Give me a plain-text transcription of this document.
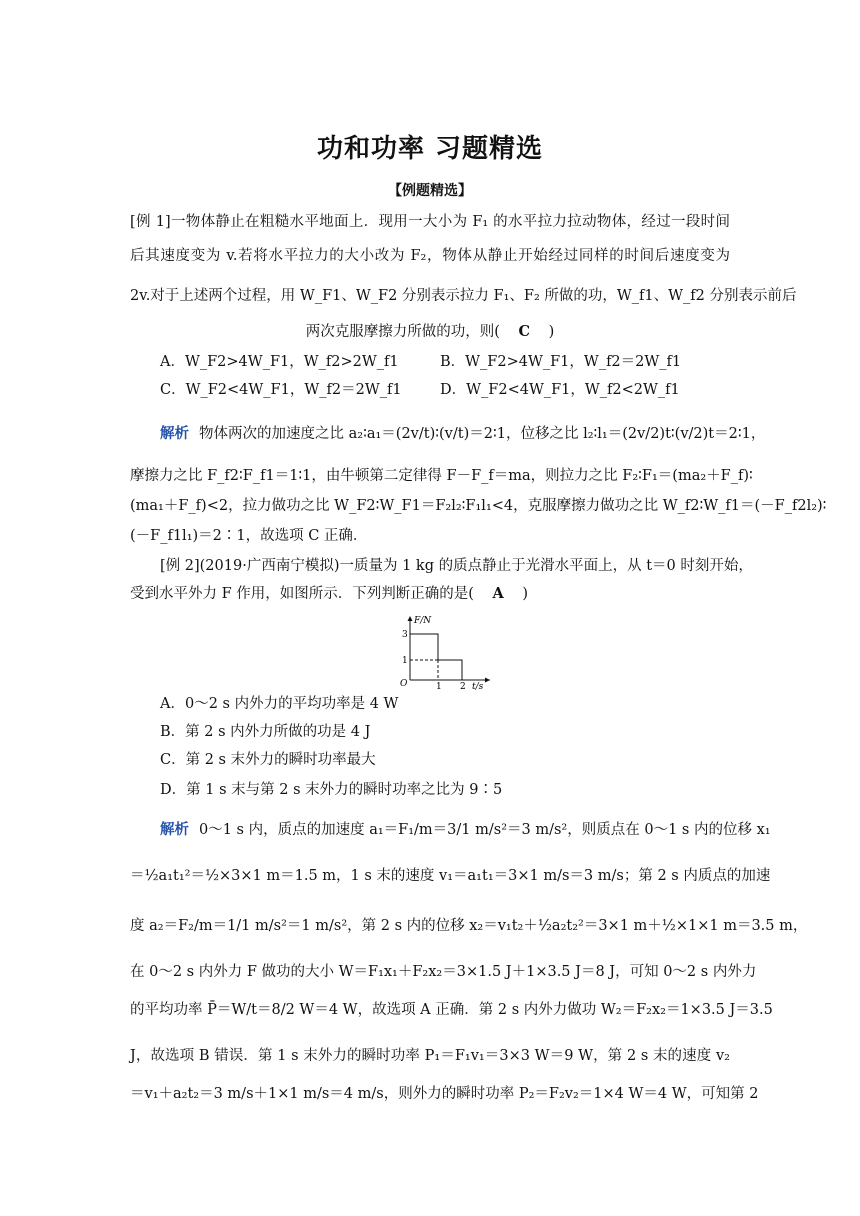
功和功率 习题精选
【例题精选】
[例 1]一物体静止在粗糙水平地面上．现用一大小为 F₁ 的水平拉力拉动物体，经过一段时间
后其速度变为 v.若将水平拉力的大小改为 F₂，物体从静止开始经过同样的时间后速度变为
2v.对于上述两个过程，用 W_F1、W_F2 分别表示拉力 F₁、F₂ 所做的功，W_f1、W_f2 分别表示前后
两次克服摩擦力所做的功，则( C )
A．W_F2>4W_F1，W_f2>2W_f1	B．W_F2>4W_F1，W_f2＝2W_f1
C．W_F2<4W_F1，W_f2＝2W_f1	D．W_F2<4W_F1，W_f2<2W_f1
解析 物体两次的加速度之比 a₂∶a₁＝(2v/t)∶(v/t)＝2∶1，位移之比 l₂∶l₁＝(2v/2)t∶(v/2)t＝2∶1，
摩擦力之比 F_f2∶F_f1＝1∶1，由牛顿第二定律得 F－F_f＝ma，则拉力之比 F₂∶F₁＝(ma₂＋F_f)∶
(ma₁＋F_f)<2，拉力做功之比 W_F2∶W_F1＝F₂l₂∶F₁l₁<4，克服摩擦力做功之比 W_f2∶W_f1＝(－F_f2l₂)∶
(－F_f1l₁)＝2∶1，故选项 C 正确．
[例 2](2019·广西南宁模拟)一质量为 1 kg 的质点静止于光滑水平面上，从 t＝0 时刻开始，
受到水平外力 F 作用，如图所示．下列判断正确的是( A )
F/N
3
1
O	1 2 t/s
A．0～2 s 内外力的平均功率是 4 W
B．第 2 s 内外力所做的功是 4 J
C．第 2 s 末外力的瞬时功率最大
D．第 1 s 末与第 2 s 末外力的瞬时功率之比为 9∶5
解析 0～1 s 内，质点的加速度 a₁＝F₁/m＝3/1 m/s²＝3 m/s²，则质点在 0～1 s 内的位移 x₁
＝½a₁t₁²＝½×3×1 m＝1.5 m，1 s 末的速度 v₁＝a₁t₁＝3×1 m/s＝3 m/s；第 2 s 内质点的加速
度 a₂＝F₂/m＝1/1 m/s²＝1 m/s²，第 2 s 内的位移 x₂＝v₁t₂＋½a₂t₂²＝3×1 m＋½×1×1 m＝3.5 m，
在 0～2 s 内外力 F 做功的大小 W＝F₁x₁＋F₂x₂＝3×1.5 J＋1×3.5 J＝8 J，可知 0～2 s 内外力
的平均功率 P̄＝W/t＝8/2 W＝4 W，故选项 A 正确．第 2 s 内外力做功 W₂＝F₂x₂＝1×3.5 J＝3.5
J，故选项 B 错误．第 1 s 末外力的瞬时功率 P₁＝F₁v₁＝3×3 W＝9 W，第 2 s 末的速度 v₂
＝v₁＋a₂t₂＝3 m/s＋1×1 m/s＝4 m/s，则外力的瞬时功率 P₂＝F₂v₂＝1×4 W＝4 W，可知第 2
